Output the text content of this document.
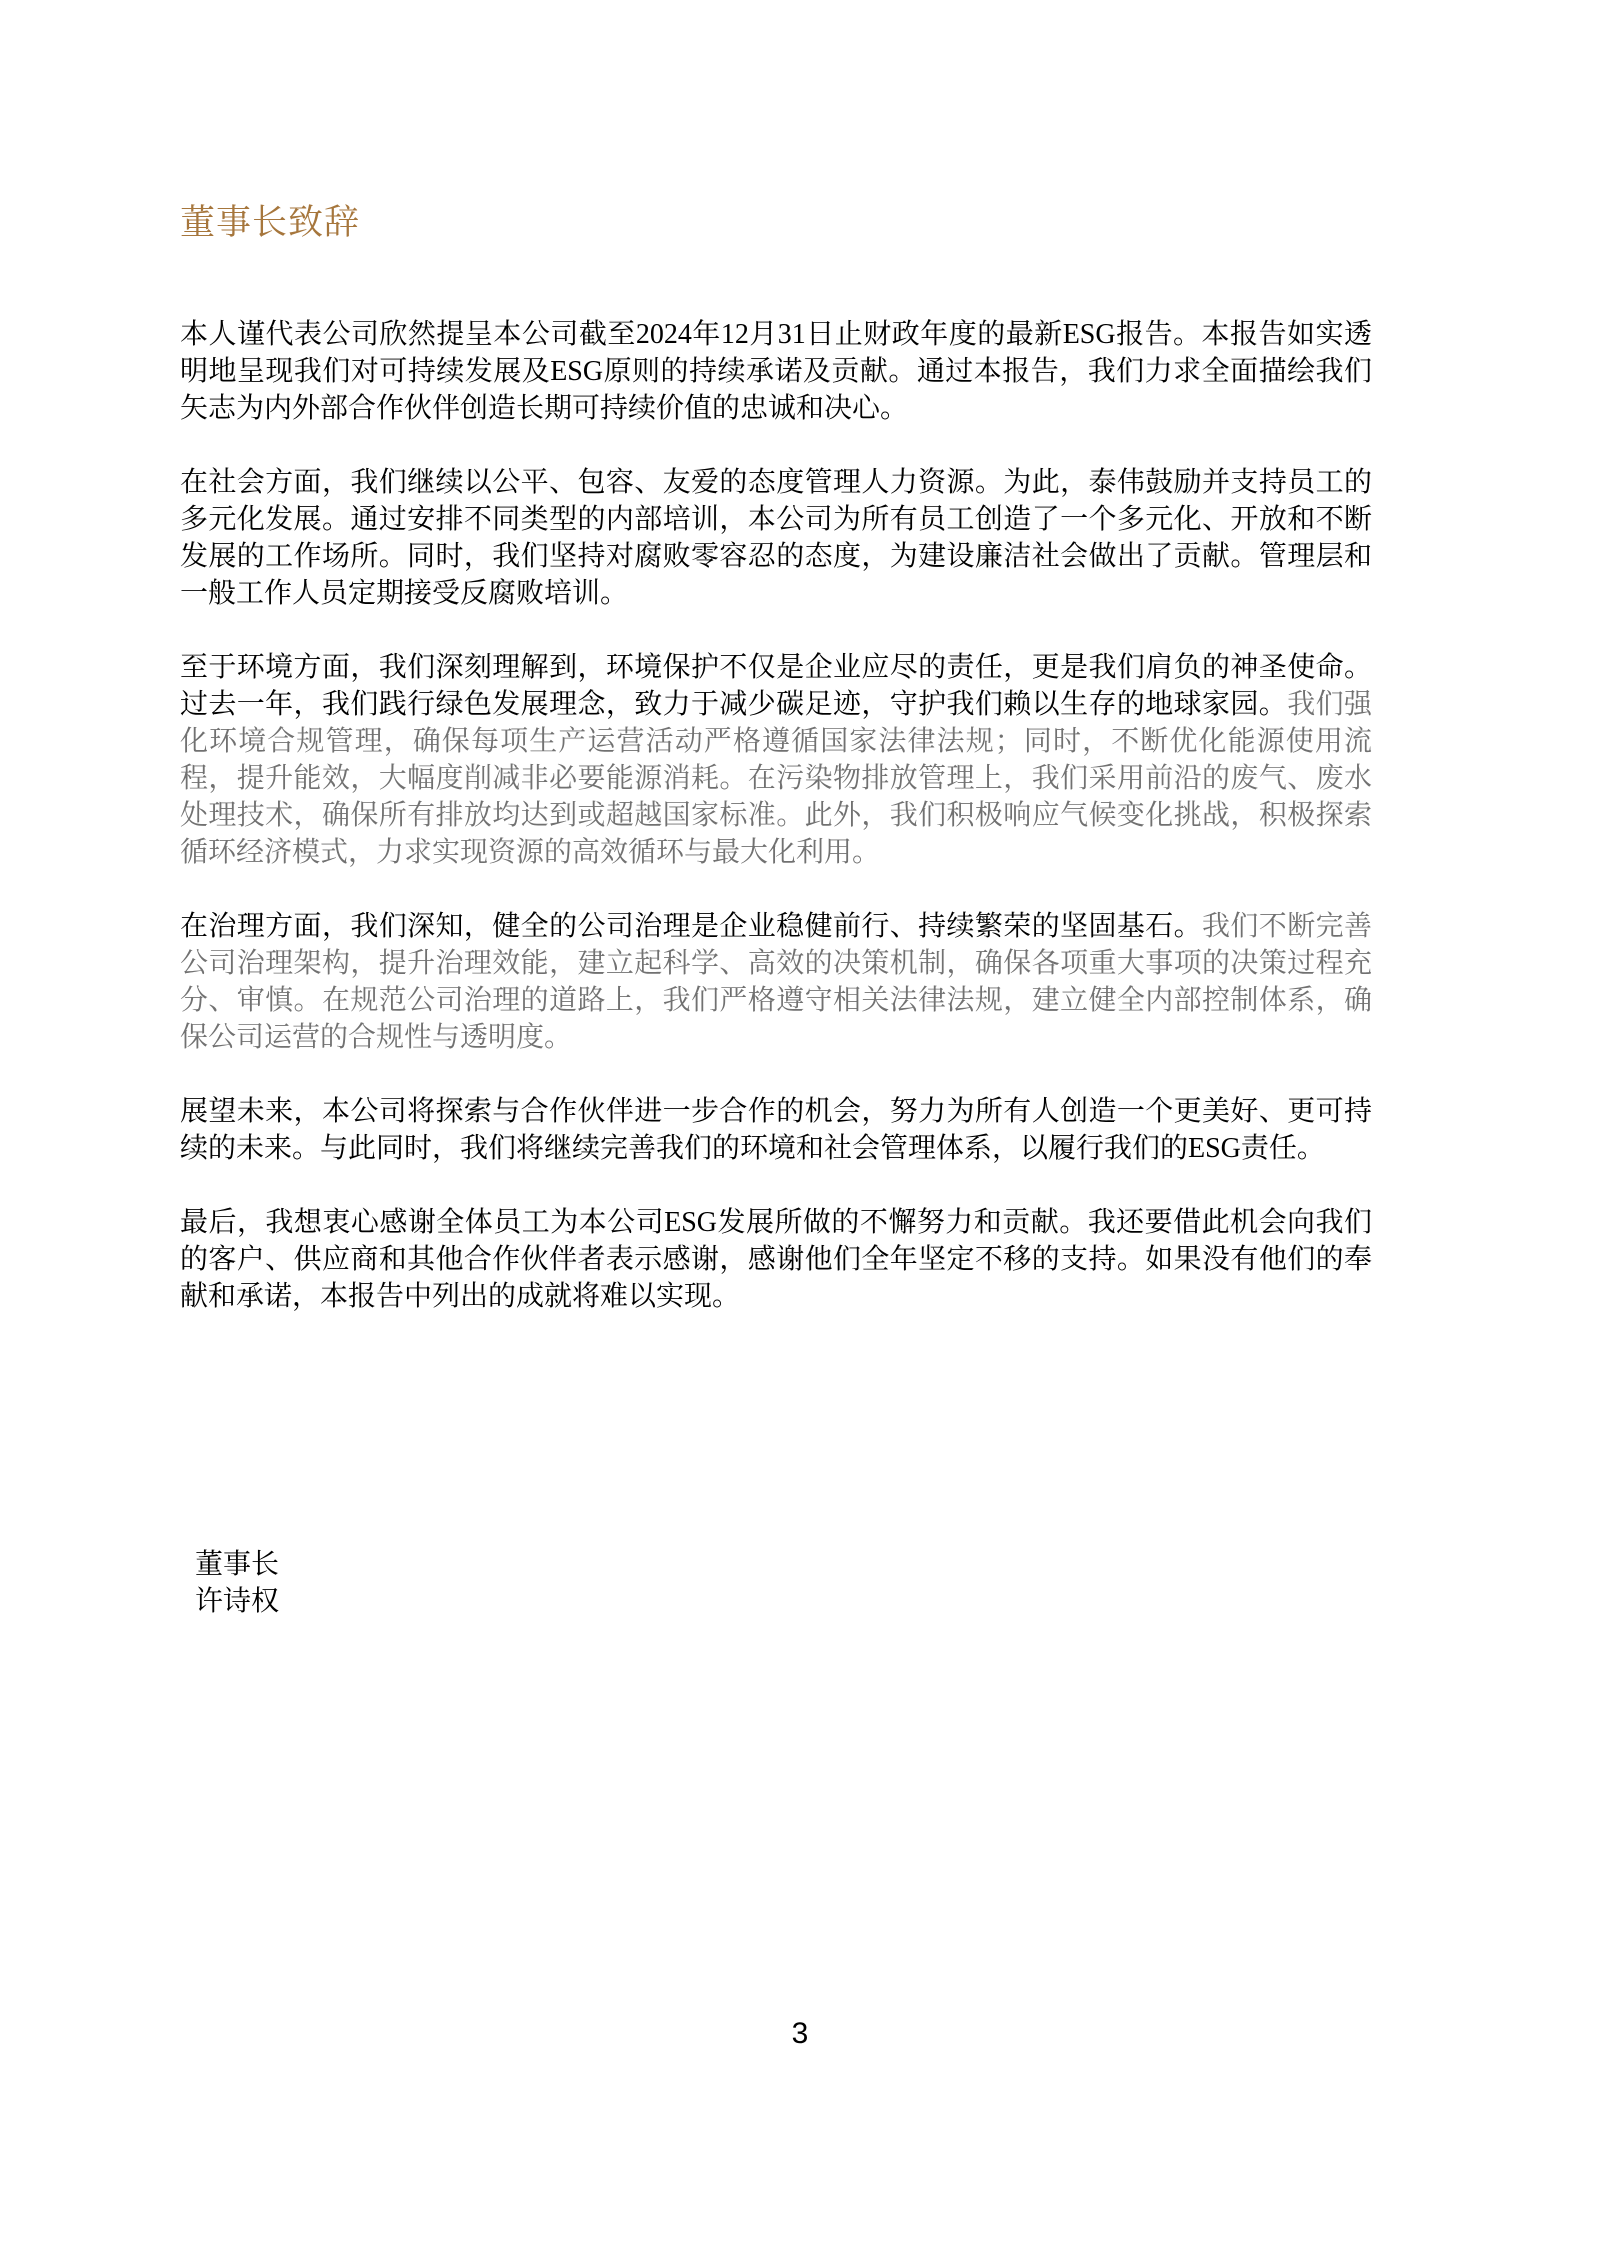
董事长致辞

本人谨代表公司欣然提呈本公司截至2024年12月31日止财政年度的最新ESG报告。本报告如实透明地呈现我们对可持续发展及ESG原则的持续承诺及贡献。通过本报告，我们力求全面描绘我们矢志为内外部合作伙伴创造长期可持续价值的忠诚和决心。

在社会方面，我们继续以公平、包容、友爱的态度管理人力资源。为此，泰伟鼓励并支持员工的多元化发展。通过安排不同类型的内部培训，本公司为所有员工创造了一个多元化、开放和不断发展的工作场所。同时，我们坚持对腐败零容忍的态度，为建设廉洁社会做出了贡献。管理层和一般工作人员定期接受反腐败培训。

至于环境方面，我们深刻理解到，环境保护不仅是企业应尽的责任，更是我们肩负的神圣使命。过去一年，我们践行绿色发展理念，致力于减少碳足迹，守护我们赖以生存的地球家园。我们强化环境合规管理，确保每项生产运营活动严格遵循国家法律法规；同时，不断优化能源使用流程，提升能效，大幅度削减非必要能源消耗。在污染物排放管理上，我们采用前沿的废气、废水处理技术，确保所有排放均达到或超越国家标准。此外，我们积极响应气候变化挑战，积极探索循环经济模式，力求实现资源的高效循环与最大化利用。

在治理方面，我们深知，健全的公司治理是企业稳健前行、持续繁荣的坚固基石。我们不断完善公司治理架构，提升治理效能，建立起科学、高效的决策机制，确保各项重大事项的决策过程充分、审慎。在规范公司治理的道路上，我们严格遵守相关法律法规，建立健全内部控制体系，确保公司运营的合规性与透明度。

展望未来，本公司将探索与合作伙伴进一步合作的机会，努力为所有人创造一个更美好、更可持续的未来。与此同时，我们将继续完善我们的环境和社会管理体系，以履行我们的ESG责任。

最后，我想衷心感谢全体员工为本公司ESG发展所做的不懈努力和贡献。我还要借此机会向我们的客户、供应商和其他合作伙伴者表示感谢，感谢他们全年坚定不移的支持。如果没有他们的奉献和承诺，本报告中列出的成就将难以实现。

董事长
许诗权
3
